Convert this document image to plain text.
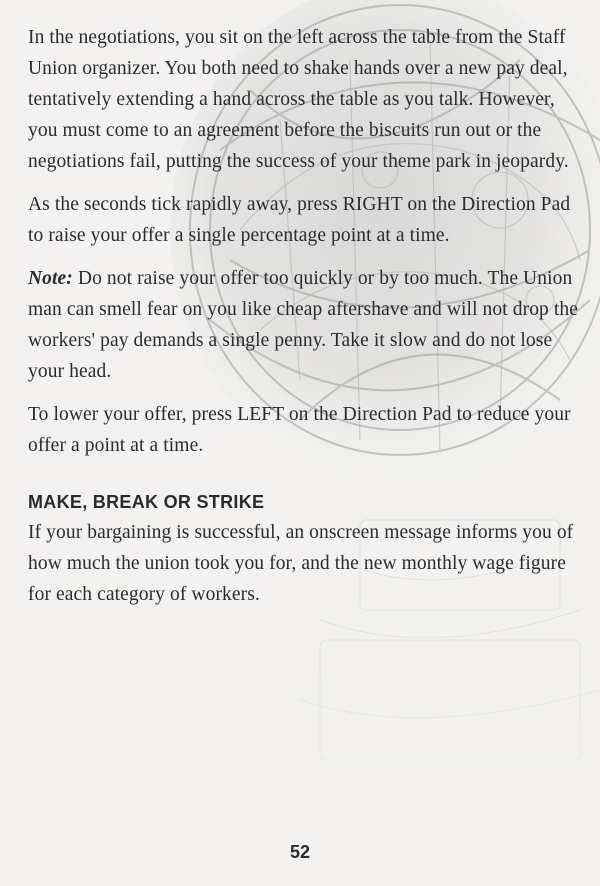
In the negotiations, you sit on the left across the table from the Staff Union organizer. You both need to shake hands over a new pay deal, tentatively extending a hand across the table as you talk. However, you must come to an agreement before the biscuits run out or the negotiations fail, putting the success of your theme park in jeopardy.

As the seconds tick rapidly away, press RIGHT on the Direction Pad to raise your offer a single percentage point at a time.

Note: Do not raise your offer too quickly or by too much. The Union man can smell fear on you like cheap aftershave and will not drop the workers' pay demands a single penny. Take it slow and do not lose your head.

To lower your offer, press LEFT on the Direction Pad to reduce your offer a point at a time.

MAKE, BREAK OR STRIKE

If your bargaining is successful, an onscreen message informs you of how much the union took you for, and the new monthly wage figure for each category of workers.

52
